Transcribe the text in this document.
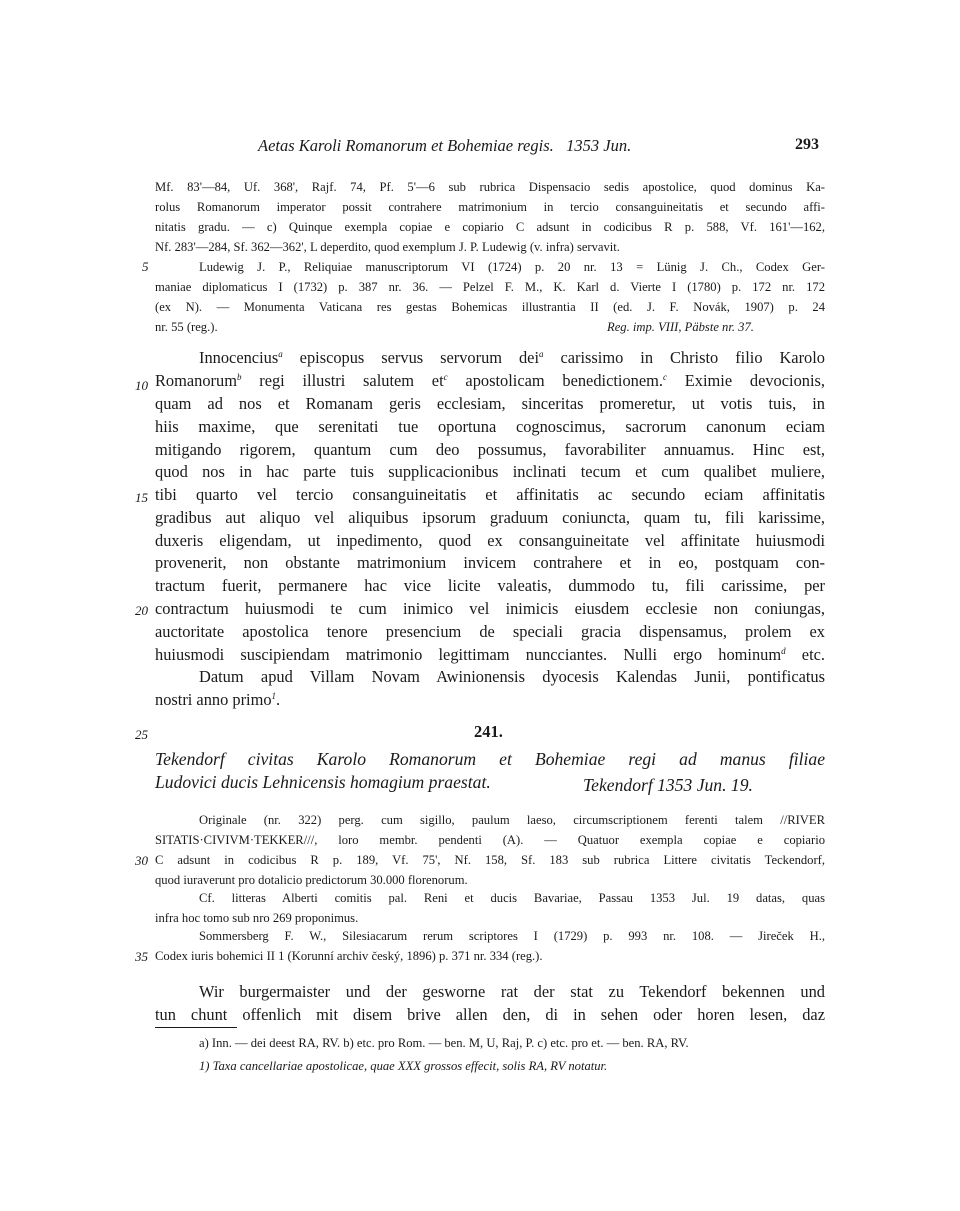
Aetas Karoli Romanorum et Bohemiae regis. 1353 Jun.	293
Mf. 83'—84, Uf. 368', Rajf. 74, Pf. 5'—6 sub rubrica Dispensacio sedis apostolice, quod dominus Ka-
rolus Romanorum imperator possit contrahere matrimonium in tercio consanguineitatis et secundo affi-
nitatis gradu. — c) Quinque exempla copiae e copiario C adsunt in codicibus R p. 588, Vf. 161'—162,
Nf. 283'—284, Sf. 362—362', L deperdito, quod exemplum J. P. Ludewig (v. infra) servavit.
Ludewig J. P., Reliquiae manuscriptorum VI (1724) p. 20 nr. 13 = Lünig J. Ch., Codex Ger-
maniae diplomaticus I (1732) p. 387 nr. 36. — Pelzel F. M., K. Karl d. Vierte I (1780) p. 172 nr. 172
(ex N). — Monumenta Vaticana res gestas Bohemicas illustrantia II (ed. J. F. Novák, 1907) p. 24
nr. 55 (reg.).	Reg. imp. VIII, Päbste nr. 37.
5
10
15
20
25
30
35
Innocencius$^a$ episcopus servus servorum dei$^a$ carissimo in Christo filio Karolo
Romanorum$^b$ regi illustri salutem $et^c$ apostolicam benedictionem.$^c$ Eximie devocionis,
quam ad nos et Romanam geris ecclesiam, sinceritas promeretur, ut votis tuis, in
hiis maxime, que serenitati tue oportuna cognoscimus, sacrorum canonum eciam
mitigando rigorem, quantum cum deo possumus, favorabiliter annuamus. Hinc est,
quod nos in hac parte tuis supplicacionibus inclinati tecum et cum qualibet muliere,
tibi quarto vel tercio consanguineitatis et affinitatis ac secundo eciam affinitatis
gradibus aut aliquo vel aliquibus ipsorum graduum coniuncta, quam tu, fili karissime,
duxeris eligendam, ut inpedimento, quod ex consanguineitate vel affinitate huiusmodi
provenerit, non obstante matrimonium invicem contrahere et in eo, postquam con-
tractum fuerit, permanere hac vice licite valeatis, dummodo tu, fili carissime, per
contractum huiusmodi te cum inimico vel inimicis eiusdem ecclesie non coniungas,
auctoritate apostolica tenore presencium de speciali gracia dispensamus, prolem ex
huiusmodi suscipiendam matrimonio legittimam nuncciantes. Nulli ergo hominum$^d$ etc.
Datum apud Villam Novam Awinionensis dyocesis Kalendas Junii, pontificatus
nostri anno primo$^1$.
241.
Tekendorf civitas Karolo Romanorum et Bohemiae regi ad manus filiae
Ludovici ducis Lehnicensis homagium praestat.	Tekendorf 1353 Jun. 19.
Originale (nr. 322) perg. cum sigillo, paulum laeso, circumscriptionem ferenti talem //RIVER
SITATIS·CIVIVM·TEKKER///, loro membr. pendenti (A). — Quatuor exempla copiae e copiario
C adsunt in codicibus R p. 189, Vf. 75', Nf. 158, Sf. 183 sub rubrica Littere civitatis Teckendorf,
quod iuraverunt pro dotalicio predictorum 30.000 florenorum.
Cf. litteras Alberti comitis pal. Reni et ducis Bavariae, Passau 1353 Jul. 19 datas, quas
infra hoc tomo sub nro 269 proponimus.
Sommersberg F. W., Silesiacarum rerum scriptores I (1729) p. 993 nr. 108. — Jireček H.,
Codex iuris bohemici II 1 (Korunní archiv český, 1896) p. 371 nr. 334 (reg.).
Wir burgermaister und der gesworne rat der stat zu Tekendorf bekennen und
tun chunt offenlich mit disem brive allen den, di in sehen oder horen lesen, daz
a) Inn. — dei deest RA, RV. b) etc. pro Rom. — ben. M, U, Raj, P. c) etc. pro et. — ben. RA, RV.
1) Taxa cancellariae apostolicae, quae XXX grossos effecit, solis RA, RV notatur.
